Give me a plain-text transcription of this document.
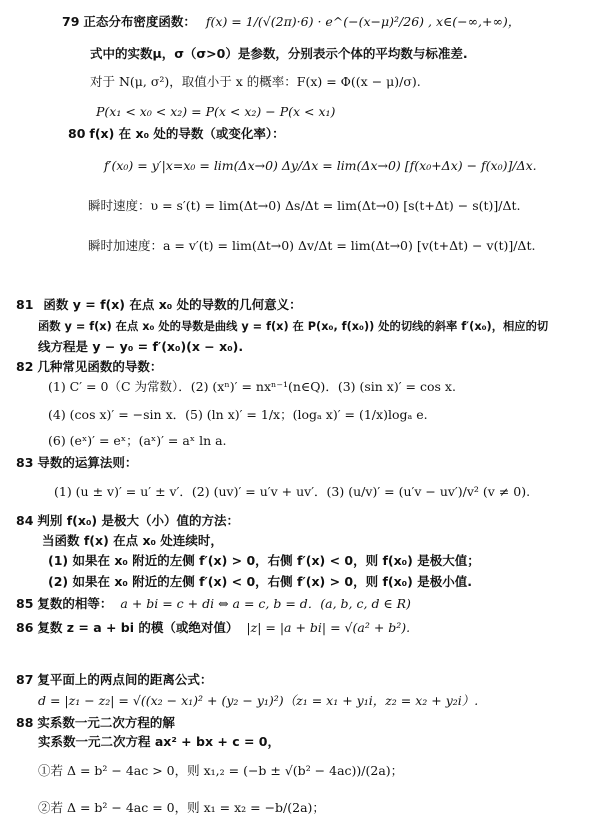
79 正态分布密度函数： f(x) = 1/(√(2π)·6) · e^(−(x−μ)²/26) , x∈(−∞,+∞)，
式中的实数μ，σ（σ>0）是参数，分别表示个体的平均数与标准差.
对于 N(μ, σ²)，取值小于 x 的概率：F(x) = Φ((x − μ)/σ).
P(x₁ < x₀ < x₂) = P(x < x₂) − P(x < x₁)
80 f(x) 在 x₀ 处的导数（或变化率）：
f′(x₀) = y′|x=x₀ = lim(Δx→0) Δy/Δx = lim(Δx→0) [f(x₀+Δx) − f(x₀)]/Δx.
瞬时速度：υ = s′(t) = lim(Δt→0) Δs/Δt = lim(Δt→0) [s(t+Δt) − s(t)]/Δt.
瞬时加速度：a = v′(t) = lim(Δt→0) Δv/Δt = lim(Δt→0) [v(t+Δt) − v(t)]/Δt.
81 函数 y = f(x) 在点 x₀ 处的导数的几何意义：
函数 y = f(x) 在点 x₀ 处的导数是曲线 y = f(x) 在 P(x₀, f(x₀)) 处的切线的斜率 f′(x₀)，相应的切
线方程是 y − y₀ = f′(x₀)(x − x₀).
82 几种常见函数的导数：
(1) C′ = 0（C 为常数）．(2) (xⁿ)′ = nxⁿ⁻¹(n∈Q)．(3) (sin x)′ = cos x.
(4) (cos x)′ = −sin x．(5) (ln x)′ = 1/x；(logₐ x)′ = (1/x)logₐ e.
(6) (eˣ)′ = eˣ；(aˣ)′ = aˣ ln a.
83 导数的运算法则：
(1) (u ± v)′ = u′ ± v′．(2) (uv)′ = u′v + uv′．(3) (u/v)′ = (u′v − uv′)/v² (v ≠ 0).
84 判别 f(x₀) 是极大（小）值的方法：
当函数 f(x) 在点 x₀ 处连续时，
(1) 如果在 x₀ 附近的左侧 f′(x) > 0，右侧 f′(x) < 0，则 f(x₀) 是极大值；
(2) 如果在 x₀ 附近的左侧 f′(x) < 0，右侧 f′(x) > 0，则 f(x₀) 是极小值.
85 复数的相等： a + bi = c + di ⇔ a = c, b = d．(a, b, c, d ∈ R)
86 复数 z = a + bi 的模（或绝对值） |z| = |a + bi| = √(a² + b²).
87 复平面上的两点间的距离公式：
d = |z₁ − z₂| = √((x₂ − x₁)² + (y₂ − y₁)²)（z₁ = x₁ + y₁i，z₂ = x₂ + y₂i）.
88 实系数一元二次方程的解
实系数一元二次方程 ax² + bx + c = 0，
①若 Δ = b² − 4ac > 0，则 x₁,₂ = (−b ± √(b² − 4ac))/(2a)；
②若 Δ = b² − 4ac = 0，则 x₁ = x₂ = −b/(2a)；
